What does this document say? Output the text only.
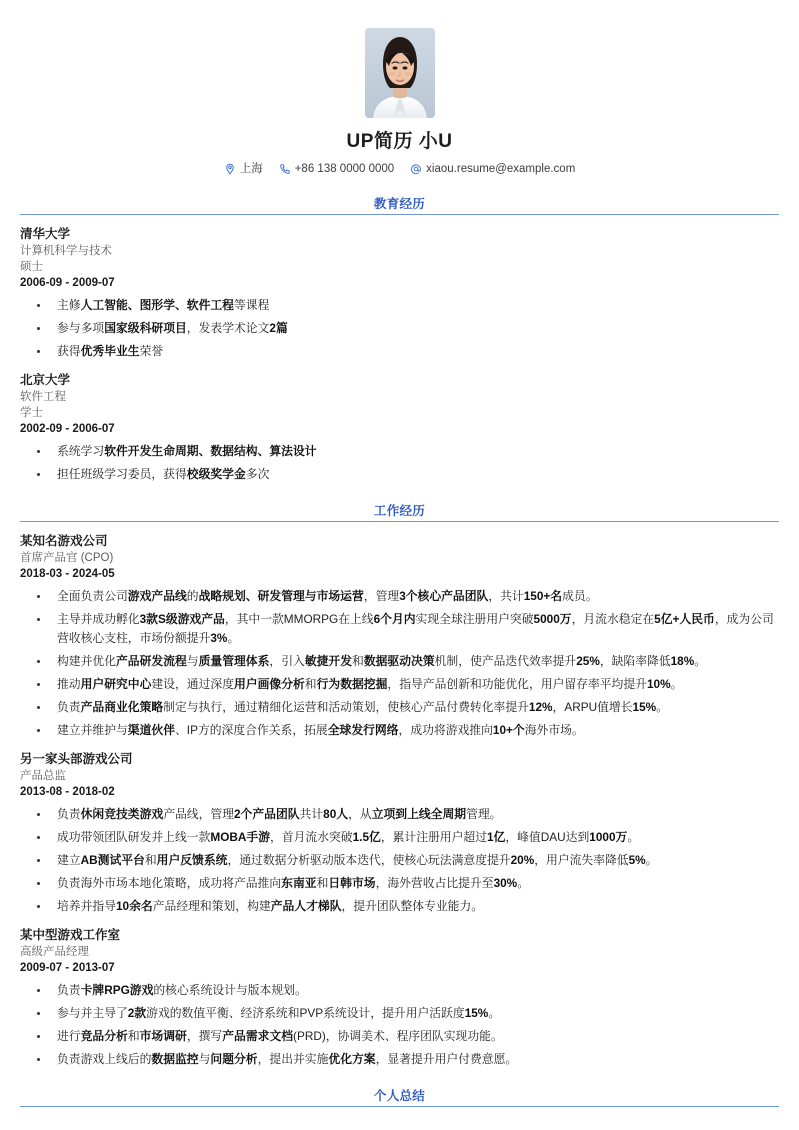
UP简历 小U
上海	+86 138 0000 0000	xiaou.resume@example.com
教育经历
清华大学
计算机科学与技术
硕士
2006-09 - 2009-07
主修人工智能、图形学、软件工程等课程
参与多项国家级科研项目，发表学术论文2篇
获得优秀毕业生荣誉
北京大学
软件工程
学士
2002-09 - 2006-07
系统学习软件开发生命周期、数据结构、算法设计
担任班级学习委员，获得校级奖学金多次
工作经历
某知名游戏公司
首席产品官 (CPO)
2018-03 - 2024-05
全面负责公司游戏产品线的战略规划、研发管理与市场运营，管理3个核心产品团队，共计150+名成员。
主导并成功孵化3款S级游戏产品，其中一款MMORPG在上线6个月内实现全球注册用户突破5000万，月流水稳定在5亿+人民币，成为公司营收核心支柱，市场份额提升3%。
构建并优化产品研发流程与质量管理体系，引入敏捷开发和数据驱动决策机制，使产品迭代效率提升25%，缺陷率降低18%。
推动用户研究中心建设，通过深度用户画像分析和行为数据挖掘，指导产品创新和功能优化，用户留存率平均提升10%。
负责产品商业化策略制定与执行，通过精细化运营和活动策划，使核心产品付费转化率提升12%，ARPU值增长15%。
建立并维护与渠道伙伴、IP方的深度合作关系，拓展全球发行网络，成功将游戏推向10+个海外市场。
另一家头部游戏公司
产品总监
2013-08 - 2018-02
负责休闲竞技类游戏产品线，管理2个产品团队共计80人，从立项到上线全周期管理。
成功带领团队研发并上线一款MOBA手游，首月流水突破1.5亿，累计注册用户超过1亿，峰值DAU达到1000万。
建立AB测试平台和用户反馈系统，通过数据分析驱动版本迭代，使核心玩法满意度提升20%，用户流失率降低5%。
负责海外市场本地化策略，成功将产品推向东南亚和日韩市场，海外营收占比提升至30%。
培养并指导10余名产品经理和策划，构建产品人才梯队，提升团队整体专业能力。
某中型游戏工作室
高级产品经理
2009-07 - 2013-07
负责卡牌RPG游戏的核心系统设计与版本规划。
参与并主导了2款游戏的数值平衡、经济系统和PVP系统设计，提升用户活跃度15%。
进行竞品分析和市场调研，撰写产品需求文档(PRD)，协调美术、程序团队实现功能。
负责游戏上线后的数据监控与问题分析，提出并实施优化方案，显著提升用户付费意愿。
个人总结
